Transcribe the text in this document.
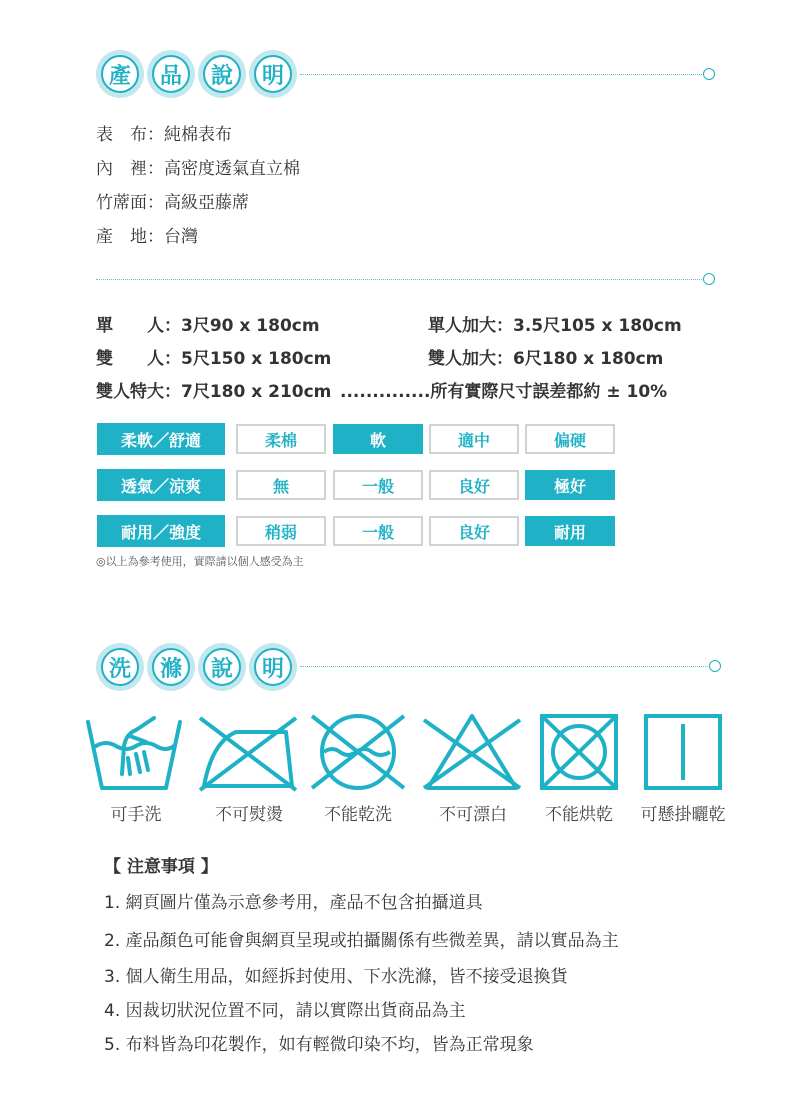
產	品	說	明
表　布：純棉表布
內　裡：高密度透氣直立棉
竹蓆面：高級亞藤蓆
產　地：台灣
單　　人：3尺90 x 180cm	單人加大：3.5尺105 x 180cm
雙　　人：5尺150 x 180cm	雙人加大：6尺180 x 180cm
雙人特大：7尺180 x 210cm ..............所有實際尺寸誤差都約 ± 10%
柔軟／舒適	柔棉	軟	適中	偏硬
透氣／涼爽	無	一般	良好	極好
耐用／強度	稍弱	一般	良好	耐用
◎以上為參考使用，實際請以個人感受為主
洗	滌	說	明
可手洗	不可熨燙	不能乾洗	不可漂白	不能烘乾	可懸掛曬乾
【 注意事項 】
1. 網頁圖片僅為示意參考用，產品不包含拍攝道具
2. 產品顏色可能會與網頁呈現或拍攝關係有些微差異，請以實品為主
3. 個人衛生用品，如經拆封使用、下水洗滌，皆不接受退換貨
4. 因裁切狀況位置不同，請以實際出貨商品為主
5. 布料皆為印花製作，如有輕微印染不均，皆為正常現象
